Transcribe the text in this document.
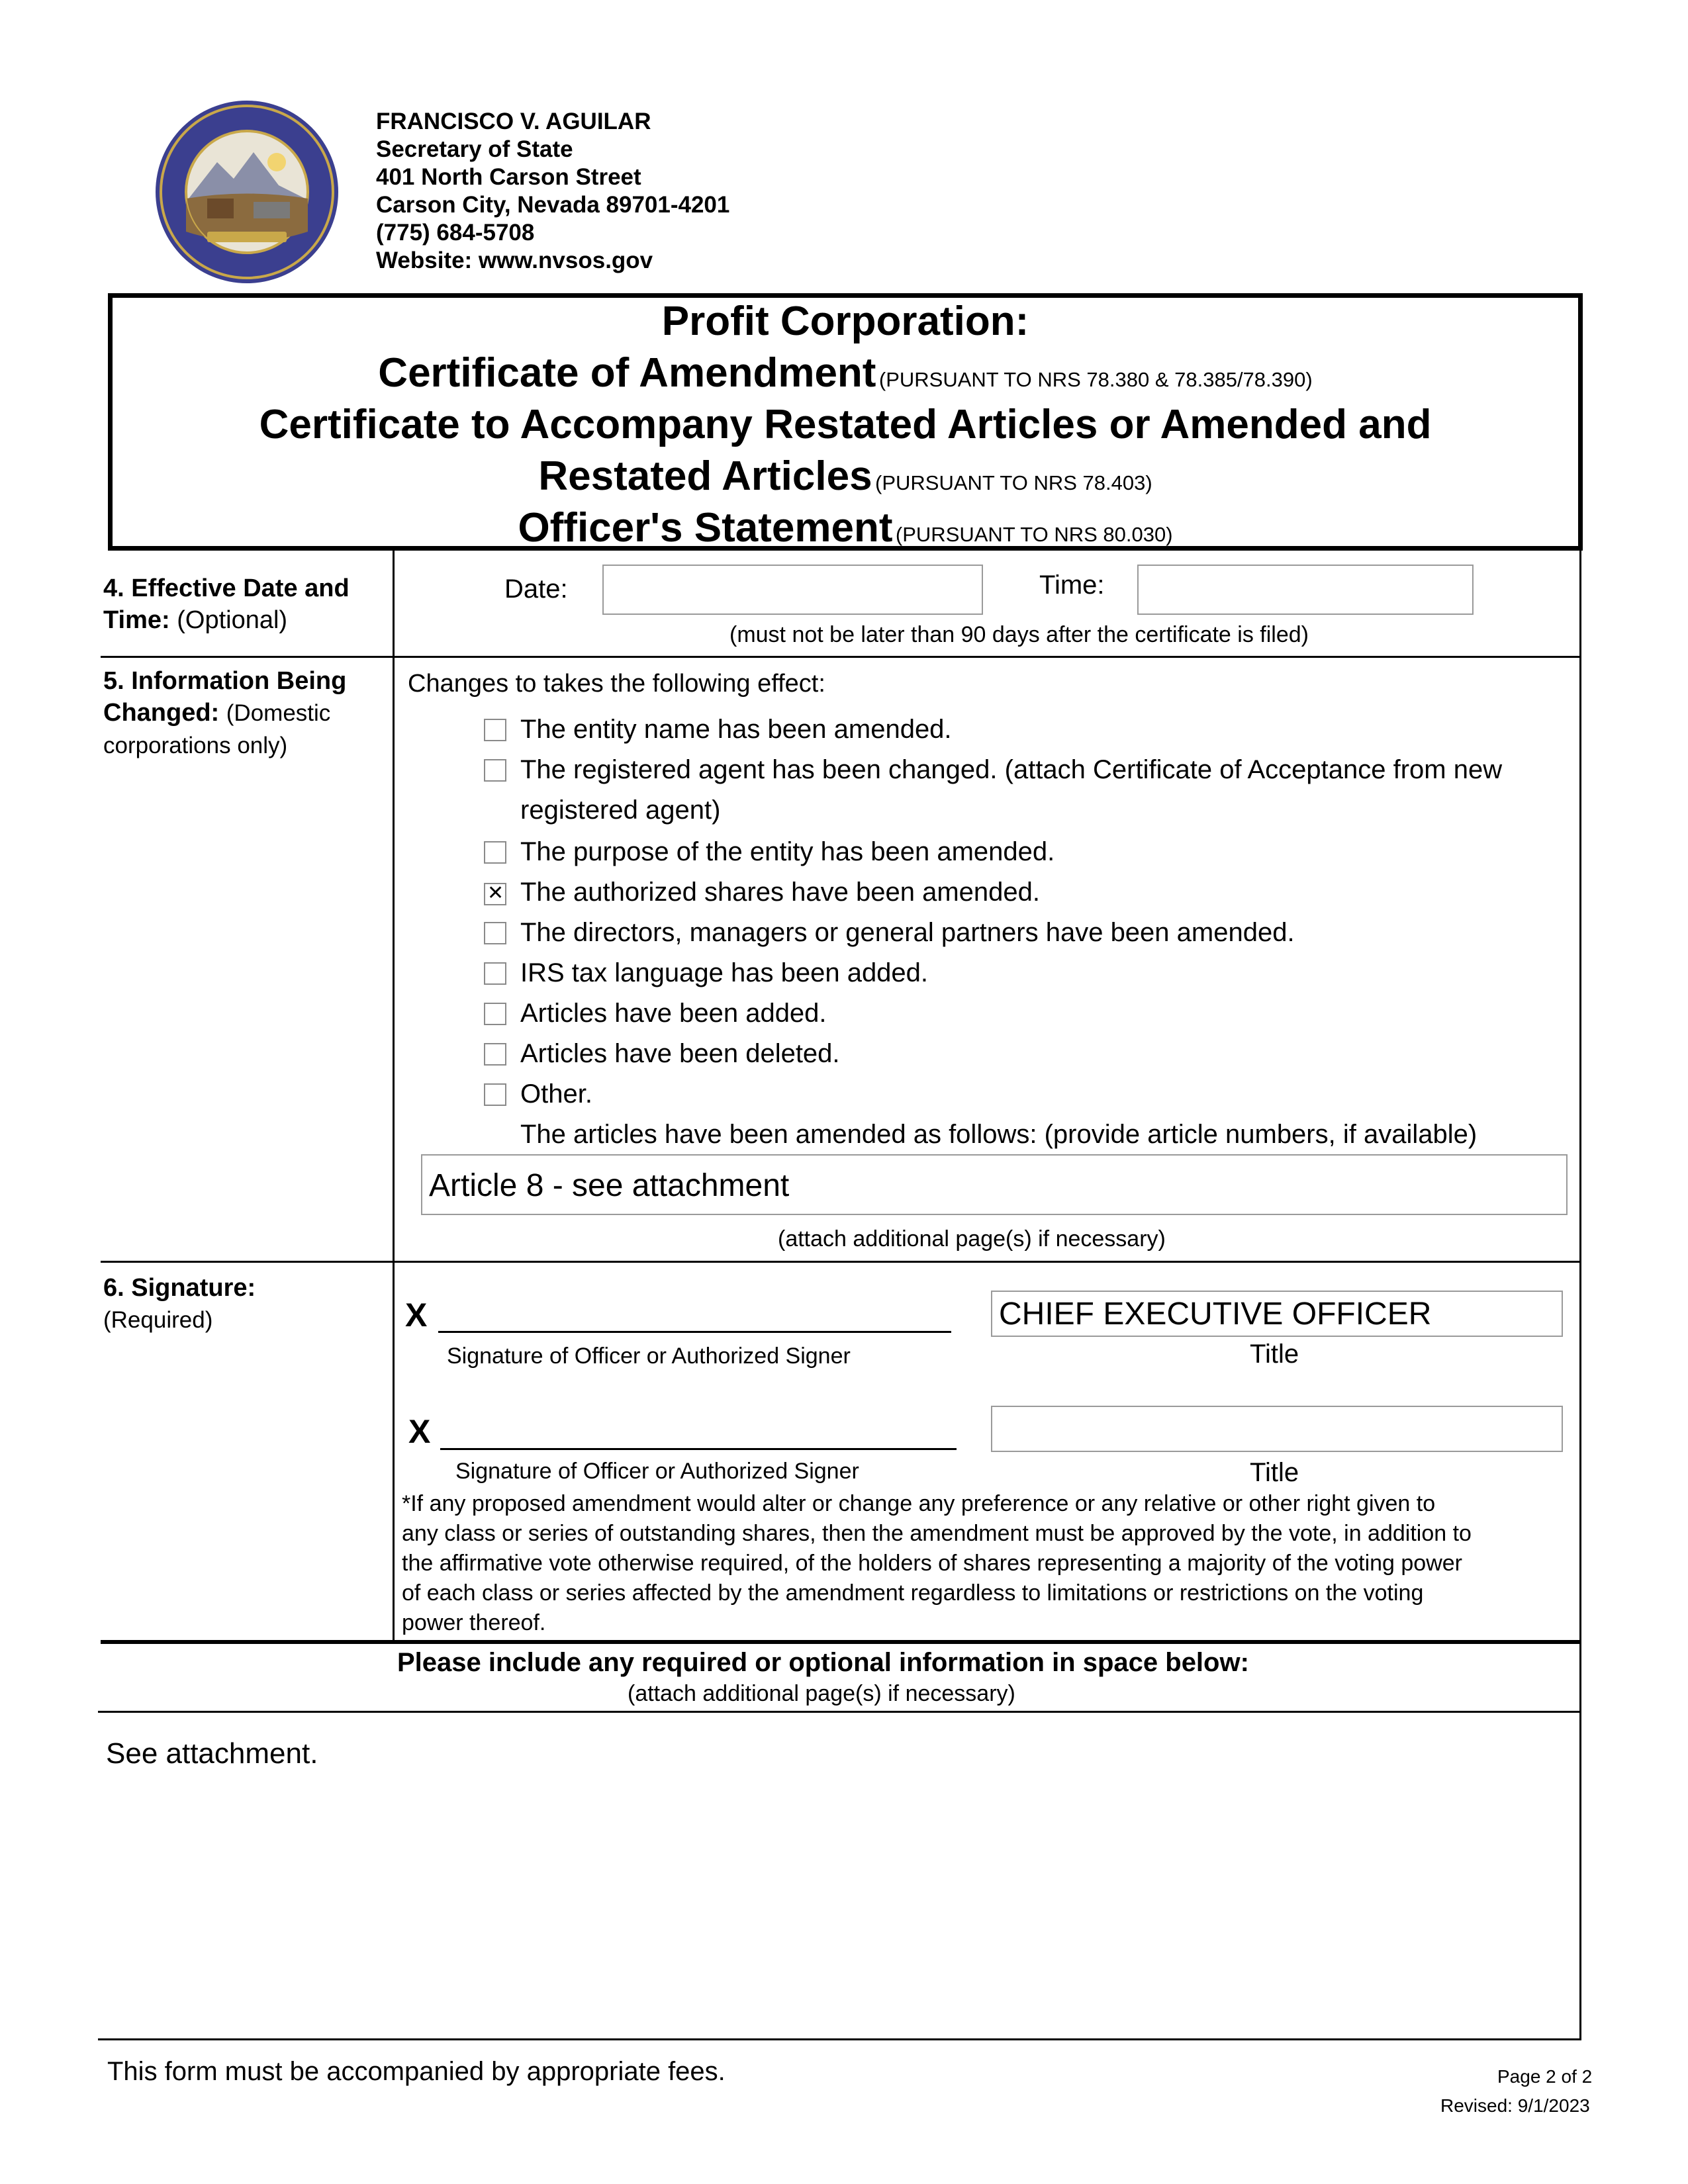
FRANCISCO V. AGUILAR
Secretary of State
401 North Carson Street
Carson City, Nevada 89701-4201
(775) 684-5708
Website: www.nvsos.gov
Profit Corporation:
Certificate of Amendment (PURSUANT TO NRS 78.380 & 78.385/78.390)
Certificate to Accompany Restated Articles or Amended and
Restated Articles (PURSUANT TO NRS 78.403)
Officer's Statement (PURSUANT TO NRS 80.030)
4. Effective Date and
Time: (Optional)
Date:	Time:
(must not be later than 90 days after the certificate is filed)
5. Information Being
Changed: (Domestic
corporations only)
Changes to takes the following effect:
The entity name has been amended.
The registered agent has been changed. (attach Certificate of Acceptance from new
registered agent)
The purpose of the entity has been amended.
✕
The authorized shares have been amended.
The directors, managers or general partners have been amended.
IRS tax language has been added.
Articles have been added.
Articles have been deleted.
Other.
The articles have been amended as follows: (provide article numbers, if available)
Article 8 - see attachment
(attach additional page(s) if necessary)
6. Signature:
(Required)	X
Signature of Officer or Authorized Signer
CHIEF EXECUTIVE OFFICER
Title
X
Signature of Officer or Authorized Signer	Title
*If any proposed amendment would alter or change any preference or any relative or other right given to
any class or series of outstanding shares, then the amendment must be approved by the vote, in addition to
the affirmative vote otherwise required, of the holders of shares representing a majority of the voting power
of each class or series affected by the amendment regardless to limitations or restrictions on the voting
power thereof.
Please include any required or optional information in space below:
(attach additional page(s) if necessary)
See attachment.
This form must be accompanied by appropriate fees.	Page 2 of 2
Revised: 9/1/2023
